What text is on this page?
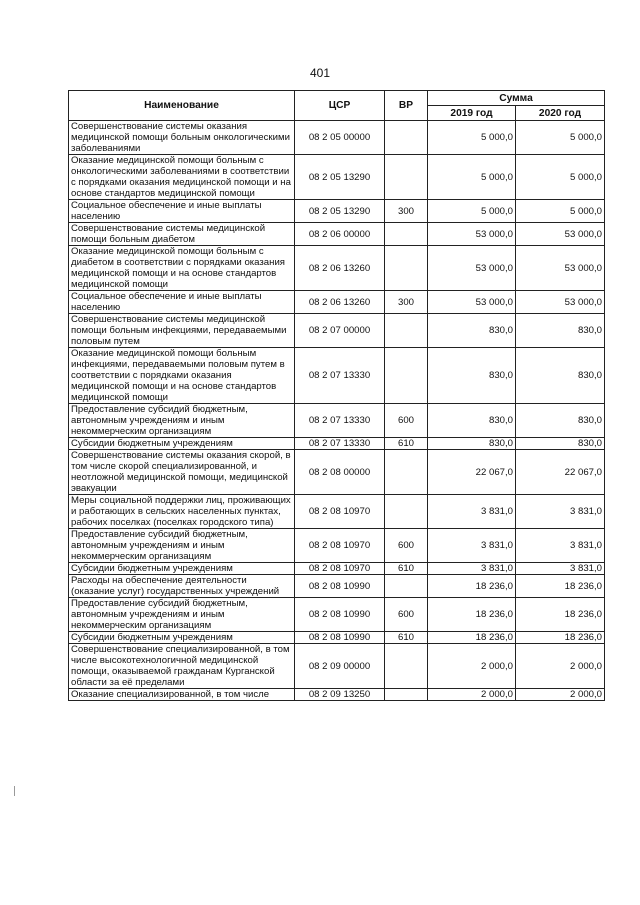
401
Наименование	ЦСР	ВР	Сумма	
			2019 год	2020 год
Совершенствование системы оказания медицинской помощи больным онкологическими заболеваниями	08 2 05 00000		5 000,0	5 000,0
Оказание медицинской помощи больным с онкологическими заболеваниями в соответствии с порядками оказания медицинской помощи и на основе стандартов медицинской помощи	08 2 05 13290		5 000,0	5 000,0
Социальное обеспечение и иные выплаты населению	08 2 05 13290	300	5 000,0	5 000,0
Совершенствование системы медицинской помощи больным диабетом	08 2 06 00000		53 000,0	53 000,0
Оказание медицинской помощи больным с диабетом в соответствии с порядками оказания медицинской помощи и на основе стандартов медицинской помощи	08 2 06 13260		53 000,0	53 000,0
Социальное обеспечение и иные выплаты населению	08 2 06 13260	300	53 000,0	53 000,0
Совершенствование системы медицинской помощи больным инфекциями, передаваемыми половым путем	08 2 07 00000		830,0	830,0
Оказание медицинской помощи больным инфекциями, передаваемыми половым путем в соответствии с порядками оказания медицинской помощи и на основе стандартов медицинской помощи	08 2 07 13330		830,0	830,0
Предоставление субсидий бюджетным, автономным учреждениям и иным некоммерческим организациям	08 2 07 13330	600	830,0	830,0
Субсидии бюджетным учреждениям	08 2 07 13330	610	830,0	830,0
Совершенствование системы оказания скорой, в том числе скорой специализированной, и неотложной медицинской помощи, медицинской эвакуации	08 2 08 00000		22 067,0	22 067,0
Меры социальной поддержки лиц, проживающих и работающих в сельских населенных пунктах, рабочих поселках (поселках городского типа)	08 2 08 10970		3 831,0	3 831,0
Предоставление субсидий бюджетным, автономным учреждениям и иным некоммерческим организациям	08 2 08 10970	600	3 831,0	3 831,0
Субсидии бюджетным учреждениям	08 2 08 10970	610	3 831,0	3 831,0
Расходы на обеспечение деятельности (оказание услуг) государственных учреждений	08 2 08 10990		18 236,0	18 236,0
Предоставление субсидий бюджетным, автономным учреждениям и иным некоммерческим организациям	08 2 08 10990	600	18 236,0	18 236,0
Субсидии бюджетным учреждениям	08 2 08 10990	610	18 236,0	18 236,0
Совершенствование специализированной, в том числе высокотехнологичной медицинской помощи, оказываемой гражданам Курганской области за её пределами	08 2 09 00000		2 000,0	2 000,0
Оказание специализированной, в том числе	08 2 09 13250		2 000,0	2 000,0
